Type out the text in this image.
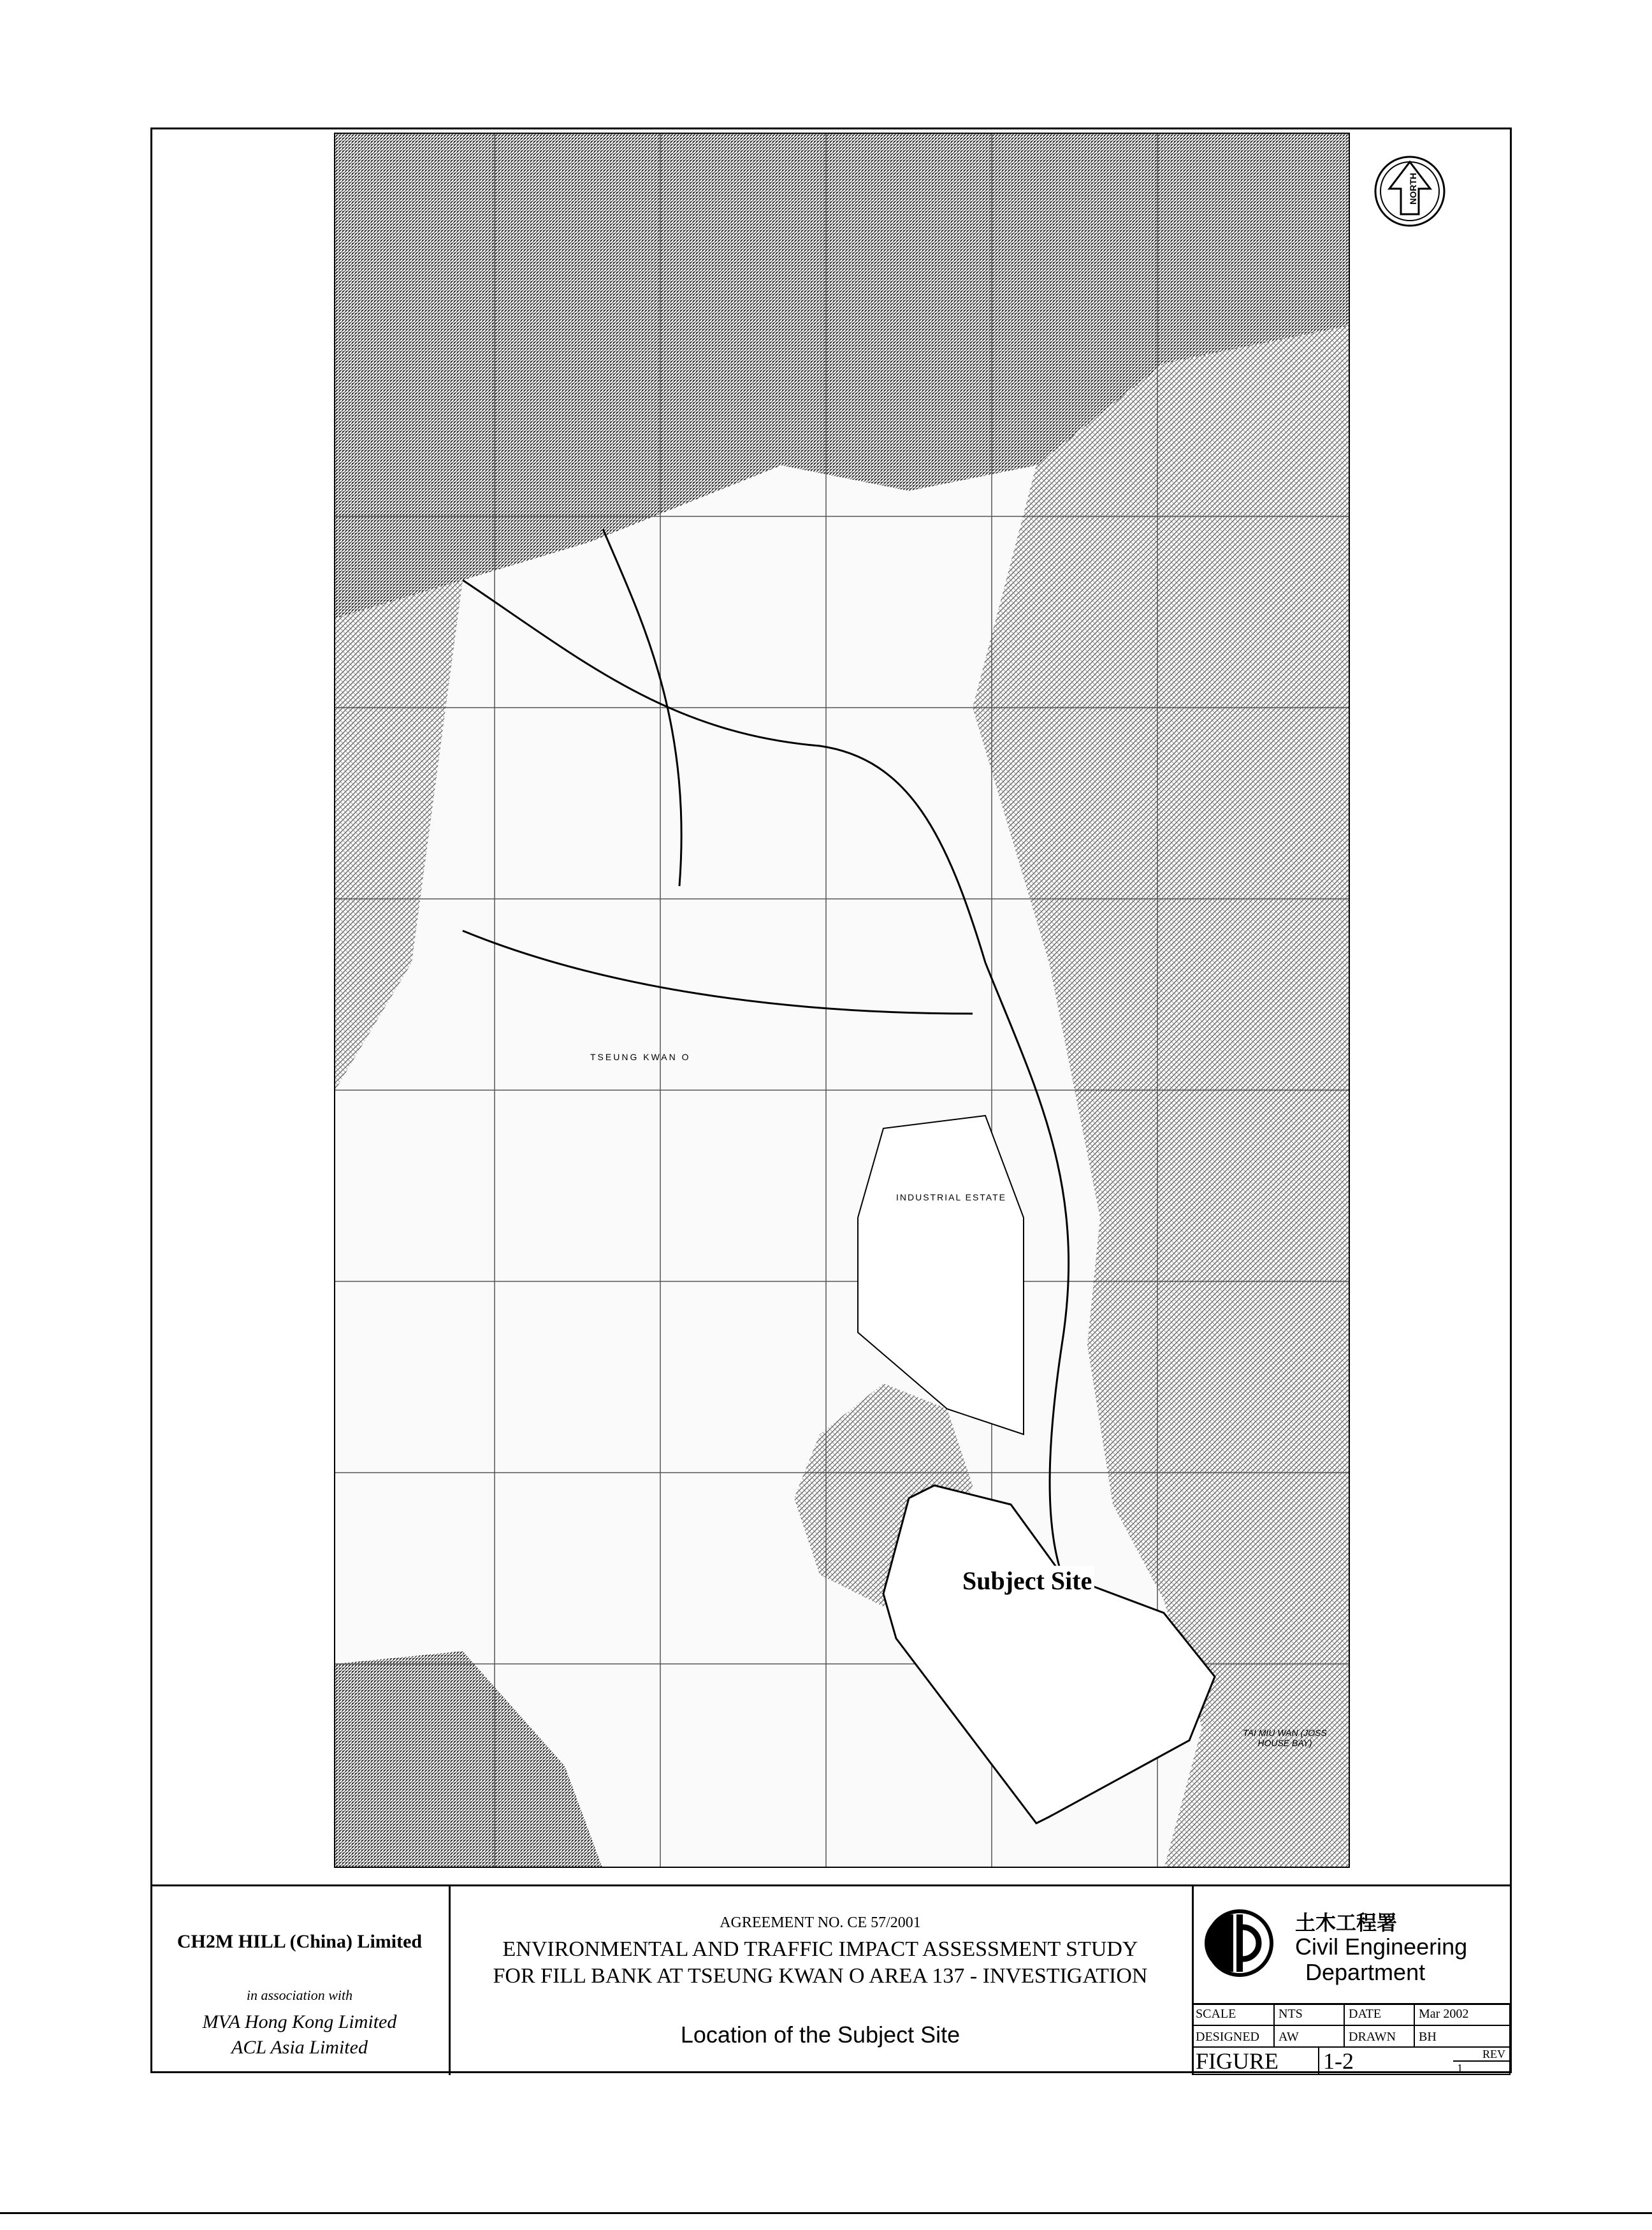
Subject Site
TSEUNG KWAN O
INDUSTRIAL ESTATE
TAI MIU WAN (JOSS HOUSE BAY)
NORTH
CH2M HILL (China) Limited
in association with
MVA Hong Kong Limited
ACL Asia Limited
AGREEMENT NO. CE 57/2001
ENVIRONMENTAL AND TRAFFIC IMPACT ASSESSMENT STUDY
FOR FILL BANK AT TSEUNG KWAN O AREA 137 - INVESTIGATION
Location of the Subject Site
土木工程署
Civil Engineering
Department
SCALE	NTS	DATE	Mar 2002
DESIGNED	AW	DRAWN	BH
FIGURE	1-2	REV
1
